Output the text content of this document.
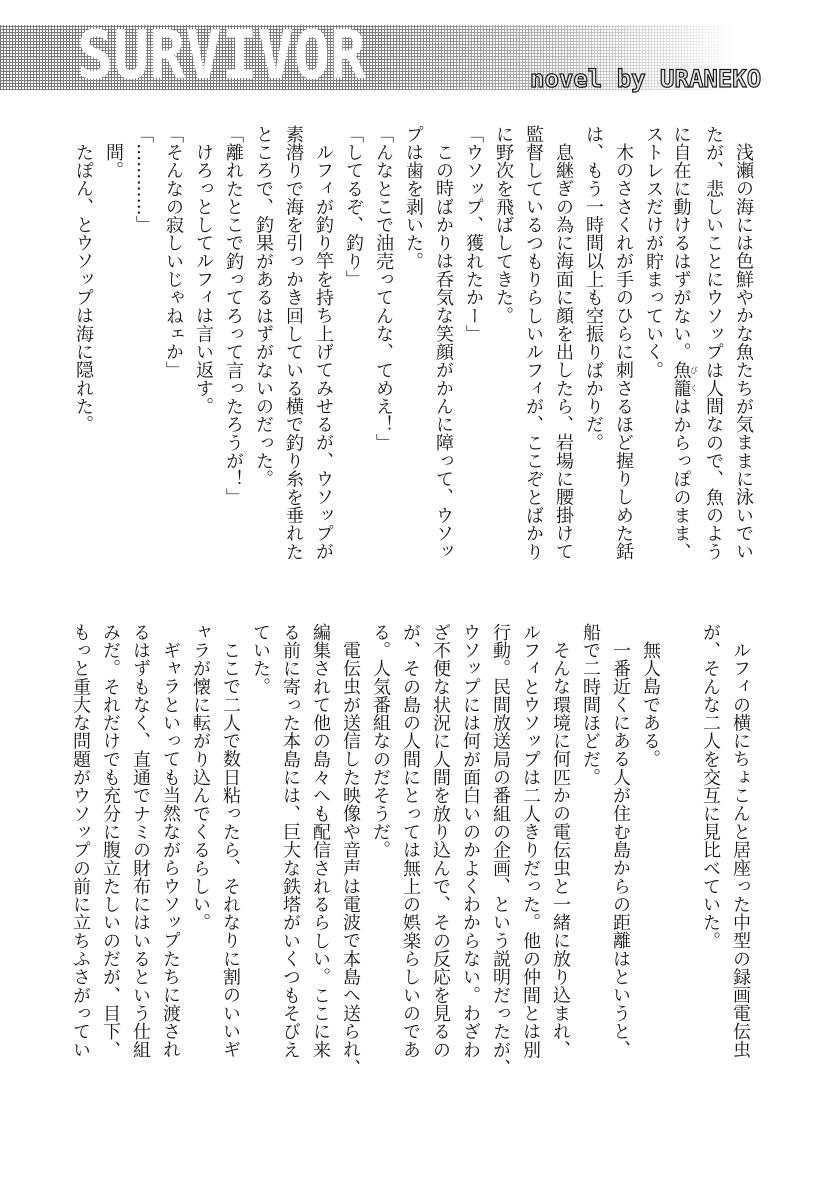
SURVIVOR	novel by URANEKO
浅瀬の海には色鮮やかな魚たちが気ままに泳いでい
たが、悲しいことにウソップは人間なので、魚のよう
に自在に動けるはずがない。魚籠びくはからっぽのまま、
ストレスだけが貯まっていく。
木のささくれが手のひらに刺さるほど握りしめた銛
は、もう一時間以上も空振りばかりだ。
息継ぎの為に海面に顔を出したら、岩場に腰掛けて
監督しているつもりらしいルフィが、ここぞとばかり
に野次を飛ばしてきた。
「ウソップ、獲れたかー」
この時ばかりは呑気な笑顔がかんに障って、ウソッ
プは歯を剥いた。
「んなとこで油売ってんな、てめえ！」
「してるぞ、釣り」
ルフィが釣り竿を持ち上げてみせるが、ウソップが
素潜りで海を引っかき回している横で釣り糸を垂れた
ところで、釣果があるはずがないのだった。
「離れたとこで釣ってろって言ったろうが！」
けろっとしてルフィは言い返す。
「そんなの寂しいじゃねェか」
「…………」
間。
たぽん、とウソップは海に隠れた。
ルフィの横にちょこんと居座った中型の録画電伝虫
が、そんな二人を交互に見比べていた。
無人島である。
一番近くにある人が住む島からの距離はというと、
船で二時間ほどだ。
そんな環境に何匹かの電伝虫と一緒に放り込まれ、
ルフィとウソップは二人きりだった。他の仲間とは別
行動。民間放送局の番組の企画、という説明だったが、
ウソップには何が面白いのかよくわからない。わざわ
ざ不便な状況に人間を放り込んで、その反応を見るの
が、その島の人間にとっては無上の娯楽らしいのであ
る。人気番組なのだそうだ。
電伝虫が送信した映像や音声は電波で本島へ送られ、
編集されて他の島々へも配信されるらしい。ここに来
る前に寄った本島には、巨大な鉄塔がいくつもそびえ
ていた。
ここで二人で数日粘ったら、それなりに割のいいギ
ャラが懐に転がり込んでくるらしい。
ギャラといっても当然ながらウソップたちに渡され
るはずもなく、直通でナミの財布にはいるという仕組
みだ。それだけでも充分に腹立たしいのだが、目下、
もっと重大な問題がウソップの前に立ちふさがってい
